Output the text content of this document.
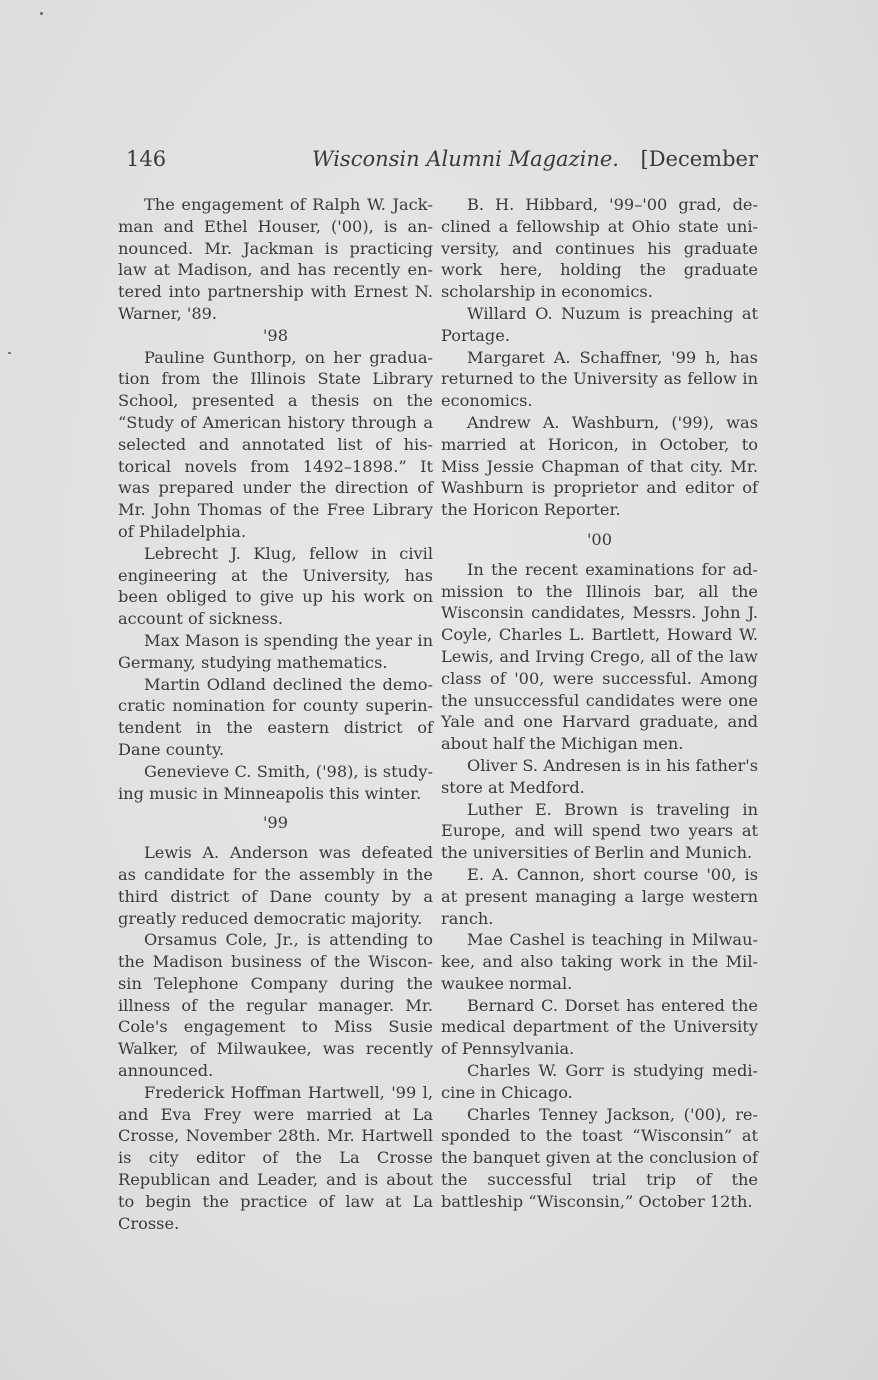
146	Wisconsin Alumni Magazine. [December

The engagement of Ralph W. Jackman and Ethel Houser, ('00), is announced. Mr. Jackman is practicing law at Madison, and has recently entered into partnership with Ernest N. Warner, '89.

'98

Pauline Gunthorp, on her graduation from the Illinois State Library School, presented a thesis on the “Study of American history through a selected and annotated list of historical novels from 1492–1898.” It was prepared under the direction of Mr. John Thomas of the Free Library of Philadelphia.

Lebrecht J. Klug, fellow in civil engineering at the University, has been obliged to give up his work on account of sickness.

Max Mason is spending the year in Germany, studying mathematics.

Martin Odland declined the democratic nomination for county superintendent in the eastern district of Dane county.

Genevieve C. Smith, ('98), is studying music in Minneapolis this winter.

'99

Lewis A. Anderson was defeated as candidate for the assembly in the third district of Dane county by a greatly reduced democratic majority.

Orsamus Cole, Jr., is attending to the Madison business of the Wisconsin Telephone Company during the illness of the regular manager. Mr. Cole's engagement to Miss Susie Walker, of Milwaukee, was recently announced.

Frederick Hoffman Hartwell, '99 l, and Eva Frey were married at La Crosse, November 28th. Mr. Hartwell is city editor of the La Crosse Republican and Leader, and is about to begin the practice of law at La Crosse.

B. H. Hibbard, '99–'00 grad, declined a fellowship at Ohio state university, and continues his graduate work here, holding the graduate scholarship in economics.

Willard O. Nuzum is preaching at Portage.

Margaret A. Schaffner, '99 h, has returned to the University as fellow in economics.

Andrew A. Washburn, ('99), was married at Horicon, in October, to Miss Jessie Chapman of that city. Mr. Washburn is proprietor and editor of the Horicon Reporter.

'00

In the recent examinations for admission to the Illinois bar, all the Wisconsin candidates, Messrs. John J. Coyle, Charles L. Bartlett, Howard W. Lewis, and Irving Crego, all of the law class of '00, were successful. Among the unsuccessful candidates were one Yale and one Harvard graduate, and about half the Michigan men.

Oliver S. Andresen is in his father's store at Medford.

Luther E. Brown is traveling in Europe, and will spend two years at the universities of Berlin and Munich.

E. A. Cannon, short course '00, is at present managing a large western ranch.

Mae Cashel is teaching in Milwaukee, and also taking work in the Milwaukee normal.

Bernard C. Dorset has entered the medical department of the University of Pennsylvania.

Charles W. Gorr is studying medicine in Chicago.

Charles Tenney Jackson, ('00), responded to the toast “Wisconsin” at the banquet given at the conclusion of the successful trial trip of the battleship “Wisconsin,” October 12th.
